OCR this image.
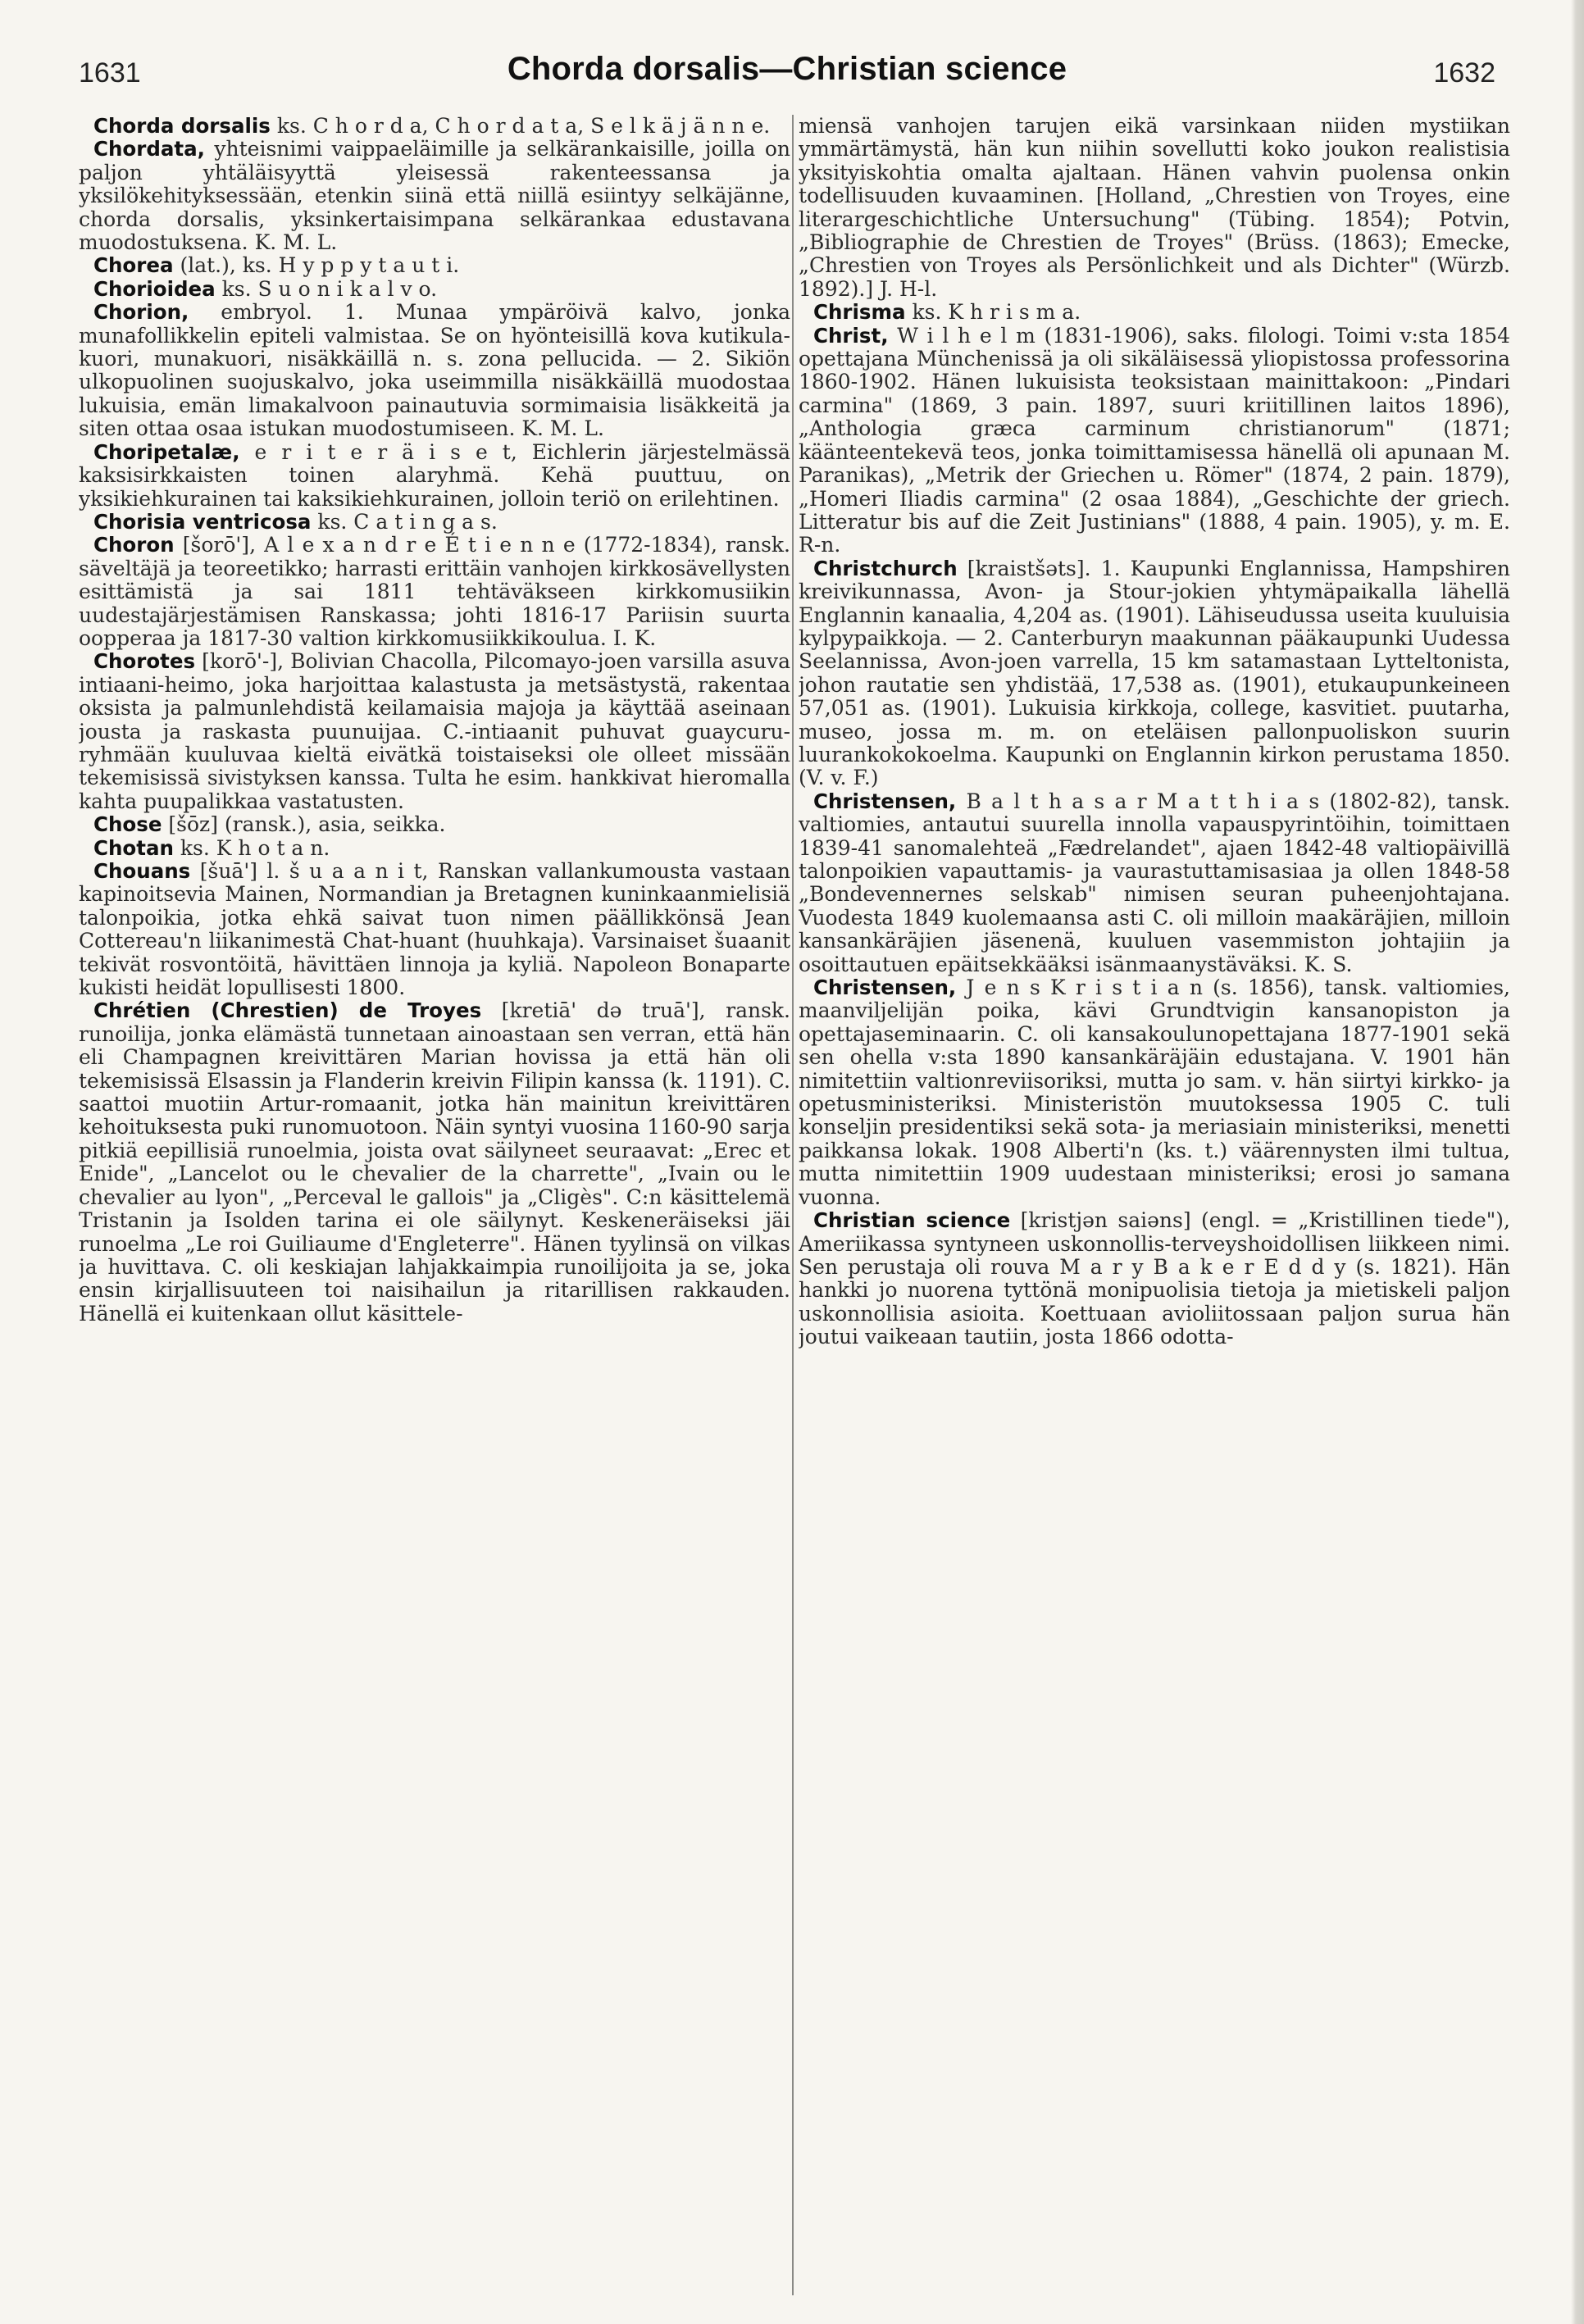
1631	Chorda dorsalis—Christian science	1632

Chorda dorsalis ks. C h o r d a, C h o r d a t a, S e l k ä j ä n n e.

Chordata, yhteisnimi vaippaeläimille ja selkärankaisille, joilla on paljon yhtäläisyyttä yleisessä rakenteessansa ja yksilökehityksessään, etenkin siinä että niillä esiintyy selkäjänne, chorda dorsalis, yksinkertaisimpana selkärankaa edustavana muodostuksena. K. M. L.

Chorea (lat.), ks. H y p p y t a u t i.

Chorioidea ks. S u o n i k a l v o.

Chorion, embryol. 1. Munaa ympäröivä kalvo, jonka munafollikkelin epiteli valmistaa. Se on hyönteisillä kova kutikula-kuori, munakuori, nisäkkäillä n. s. zona pellucida. — 2. Sikiön ulkopuolinen suojuskalvo, joka useimmilla nisäkkäillä muodostaa lukuisia, emän limakalvoon painautuvia sormimaisia lisäkkeitä ja siten ottaa osaa istukan muodostumiseen. K. M. L.

Choripetalæ, e r i t e r ä i s e t, Eichlerin järjestelmässä kaksisirkkaisten toinen alaryhmä. Kehä puuttuu, on yksikiehkurainen tai kaksikiehkurainen, jolloin teriö on erilehtinen.

Chorisia ventricosa ks. C a t i n g a s.

Choron [šorō'], A l e x a n d r e É t i e n n e (1772-1834), ransk. säveltäjä ja teoreetikko; harrasti erittäin vanhojen kirkkosävellysten esittämistä ja sai 1811 tehtäväkseen kirkkomusiikin uudestajärjestämisen Ranskassa; johti 1816-17 Pariisin suurta oopperaa ja 1817-30 valtion kirkkomusiikkikoulua. I. K.

Chorotes [korō'-], Bolivian Chacolla, Pilcomayo-joen varsilla asuva intiaani-heimo, joka harjoittaa kalastusta ja metsästystä, rakentaa oksista ja palmunlehdistä keilamaisia majoja ja käyttää aseinaan jousta ja raskasta puunuijaa. C.-intiaanit puhuvat guaycuru-ryhmään kuuluvaa kieltä eivätkä toistaiseksi ole olleet missään tekemisissä sivistyksen kanssa. Tulta he esim. hankkivat hieromalla kahta puupalikkaa vastatusten.

Chose [šōz] (ransk.), asia, seikka.

Chotan ks. K h o t a n.

Chouans [šuā'] l. š u a a n i t, Ranskan vallankumousta vastaan kapinoitsevia Mainen, Normandian ja Bretagnen kuninkaanmielisiä talonpoikia, jotka ehkä saivat tuon nimen päällikkönsä Jean Cottereau'n liikanimestä Chat-huant (huuhkaja). Varsinaiset šuaanit tekivät rosvontöitä, hävittäen linnoja ja kyliä. Napoleon Bonaparte kukisti heidät lopullisesti 1800.

Chrétien (Chrestien) de Troyes [kretiā' də truā'], ransk. runoilija, jonka elämästä tunnetaan ainoastaan sen verran, että hän eli Champagnen kreivittären Marian hovissa ja että hän oli tekemisissä Elsassin ja Flanderin kreivin Filipin kanssa (k. 1191). C. saattoi muotiin Artur-romaanit, jotka hän mainitun kreivittären kehoituksesta puki runomuotoon. Näin syntyi vuosina 1160-90 sarja pitkiä eepillisiä runoelmia, joista ovat säilyneet seuraavat: „Erec et Enide", „Lancelot ou le chevalier de la charrette", „Ivain ou le chevalier au lyon", „Perceval le gallois" ja „Cligès". C:n käsittelemä Tristanin ja Isolden tarina ei ole säilynyt. Keskeneräiseksi jäi runoelma „Le roi Guiliaume d'Engleterre". Hänen tyylinsä on vilkas ja huvittava. C. oli keskiajan lahjakkaimpia runoilijoita ja se, joka ensin kirjallisuuteen toi naisihailun ja ritarillisen rakkauden. Hänellä ei kuitenkaan ollut käsittele-

miensä vanhojen tarujen eikä varsinkaan niiden mystiikan ymmärtämystä, hän kun niihin sovellutti koko joukon realistisia yksityiskohtia omalta ajaltaan. Hänen vahvin puolensa onkin todellisuuden kuvaaminen. [Holland, „Chrestien von Troyes, eine literargeschichtliche Untersuchung" (Tübing. 1854); Potvin, „Bibliographie de Chrestien de Troyes" (Brüss. (1863); Emecke, „Chrestien von Troyes als Persönlichkeit und als Dichter" (Würzb. 1892).] J. H-l.

Chrisma ks. K h r i s m a.

Christ, W i l h e l m (1831-1906), saks. filologi. Toimi v:sta 1854 opettajana Münchenissä ja oli sikäläisessä yliopistossa professorina 1860-1902. Hänen lukuisista teoksistaan mainittakoon: „Pindari carmina" (1869, 3 pain. 1897, suuri kriitillinen laitos 1896), „Anthologia græca carminum christianorum" (1871; käänteentekevä teos, jonka toimittamisessa hänellä oli apunaan M. Paranikas), „Metrik der Griechen u. Römer" (1874, 2 pain. 1879), „Homeri Iliadis carmina" (2 osaa 1884), „Geschichte der griech. Litteratur bis auf die Zeit Justinians" (1888, 4 pain. 1905), y. m. E. R-n.

Christchurch [kraistšəts]. 1. Kaupunki Englannissa, Hampshiren kreivikunnassa, Avon- ja Stour-jokien yhtymäpaikalla lähellä Englannin kanaalia, 4,204 as. (1901). Lähiseudussa useita kuuluisia kylpypaikkoja. — 2. Canterburyn maakunnan pääkaupunki Uudessa Seelannissa, Avon-joen varrella, 15 km satamastaan Lytteltonista, johon rautatie sen yhdistää, 17,538 as. (1901), etukaupunkeineen 57,051 as. (1901). Lukuisia kirkkoja, college, kasvitiet. puutarha, museo, jossa m. m. on eteläisen pallonpuoliskon suurin luurankokokoelma. Kaupunki on Englannin kirkon perustama 1850. (V. v. F.)

Christensen, B a l t h a s a r M a t t h i a s (1802-82), tansk. valtiomies, antautui suurella innolla vapauspyrintöihin, toimittaen 1839-41 sanomalehteä „Fædrelandet", ajaen 1842-48 valtiopäivillä talonpoikien vapauttamis- ja vaurastuttamisasiaa ja ollen 1848-58 „Bondevennernes selskab" nimisen seuran puheenjohtajana. Vuodesta 1849 kuolemaansa asti C. oli milloin maakäräjien, milloin kansankäräjien jäsenenä, kuuluen vasemmiston johtajiin ja osoittautuen epäitsekkääksi isänmaanystäväksi. K. S.

Christensen, J e n s K r i s t i a n (s. 1856), tansk. valtiomies, maanviljelijän poika, kävi Grundtvigin kansanopiston ja opettajaseminaarin. C. oli kansakoulunopettajana 1877-1901 sekä sen ohella v:sta 1890 kansankäräjäin edustajana. V. 1901 hän nimitettiin valtionreviisoriksi, mutta jo sam. v. hän siirtyi kirkko- ja opetusministeriksi. Ministeristön muutoksessa 1905 C. tuli konseljin presidentiksi sekä sota- ja meriasiain ministeriksi, menetti paikkansa lokak. 1908 Alberti'n (ks. t.) väärennysten ilmi tultua, mutta nimitettiin 1909 uudestaan ministeriksi; erosi jo samana vuonna.

Christian science [kristjən saiəns] (engl. = „Kristillinen tiede"), Ameriikassa syntyneen uskonnollis-terveyshoidollisen liikkeen nimi. Sen perustaja oli rouva M a r y B a k e r E d d y (s. 1821). Hän hankki jo nuorena tyttönä monipuolisia tietoja ja mietiskeli paljon uskonnollisia asioita. Koettuaan avioliitossaan paljon surua hän joutui vaikeaan tautiin, josta 1866 odotta-
